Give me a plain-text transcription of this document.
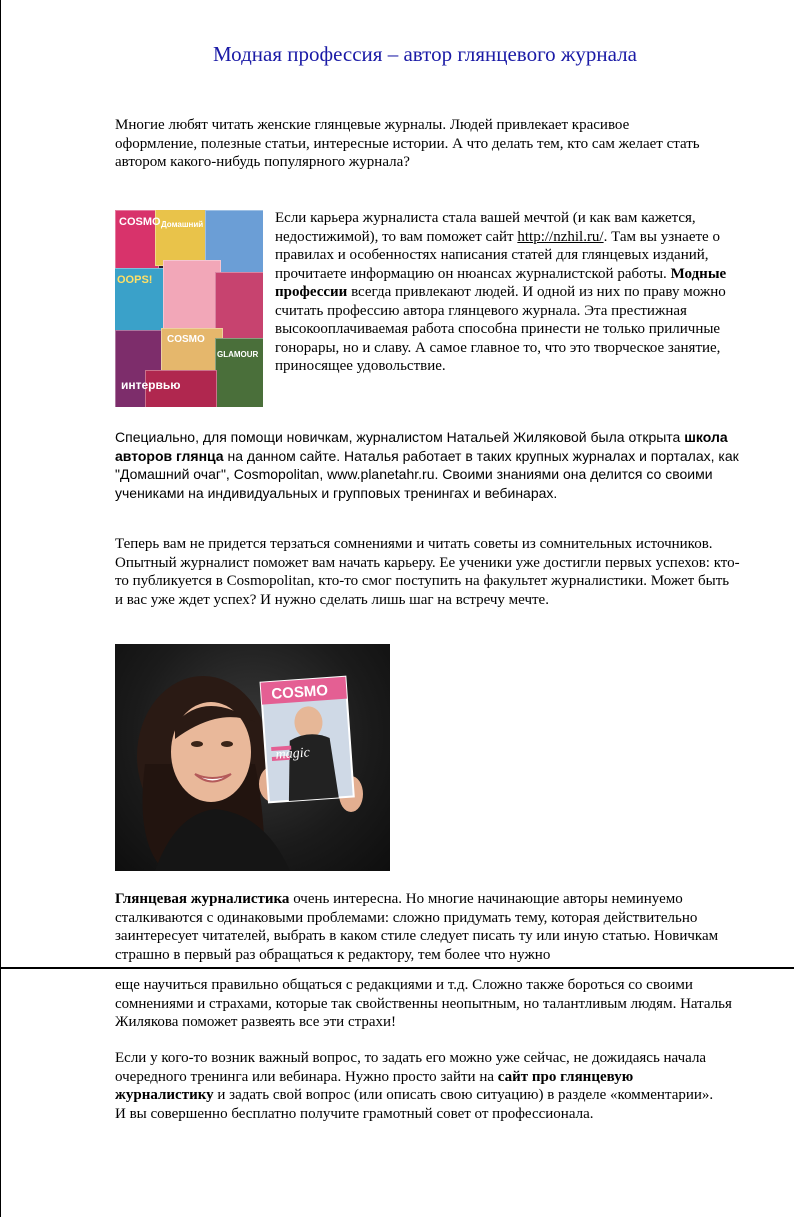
Модная профессия – автор глянцевого журнала

Многие любят читать женские глянцевые журналы. Людей привлекает красивое оформление, полезные статьи, интересные истории. А что делать тем, кто сам желает стать автором какого-нибудь популярного журнала?

COSMO Домашний
GLAMOUR
интервью
OOPS!
COSMO

Если карьера журналиста стала вашей мечтой (и как вам кажется, недостижимой), то вам поможет сайт http://nzhil.ru/. Там вы узнаете о правилах и особенностях написания статей для глянцевых изданий, прочитаете информацию он нюансах журналистской работы. Модные профессии всегда привлекают людей. И одной из них по праву можно считать профессию автора глянцевого журнала. Эта престижная высокооплачиваемая работа способна принести не только приличные гонорары, но и славу. А самое главное то, что это творческое занятие, приносящее удовольствие.

Специально, для помощи новичкам, журналистом Натальей Жиляковой была открыта школа авторов глянца на данном сайте. Наталья работает в таких крупных журналах и порталах, как "Домашний очаг", Cosmopolitan, www.planetahr.ru. Своими знаниями она делится со своими учениками на индивидуальных и групповых тренингах и вебинарах.

Теперь вам не придется терзаться сомнениями и читать советы из сомнительных источников. Опытный журналист поможет вам начать карьеру. Ее ученики уже достигли первых успехов: кто-то публикуется в Cosmopolitan, кто-то смог поступить на факультет журналистики. Может быть и вас уже ждет успех? И нужно сделать лишь шаг на встречу мечте.

COSMO
magic

Глянцевая журналистика очень интересна. Но многие начинающие авторы неминуемо сталкиваются с одинаковыми проблемами: сложно придумать тему, которая действительно заинтересует читателей, выбрать в каком стиле следует писать ту или иную статью. Новичкам страшно в первый раз обращаться к редактору, тем более что нужно

еще научиться правильно общаться с редакциями и т.д. Сложно также бороться со своими сомнениями и страхами, которые так свойственны неопытным, но талантливым людям. Наталья Жилякова поможет развеять все эти страхи!

Если у кого-то возник важный вопрос, то задать его можно уже сейчас, не дожидаясь начала очередного тренинга или вебинара. Нужно просто зайти на сайт про глянцевую журналистику и задать свой вопрос (или описать свою ситуацию) в разделе «комментарии». И вы совершенно бесплатно получите грамотный совет от профессионала.
